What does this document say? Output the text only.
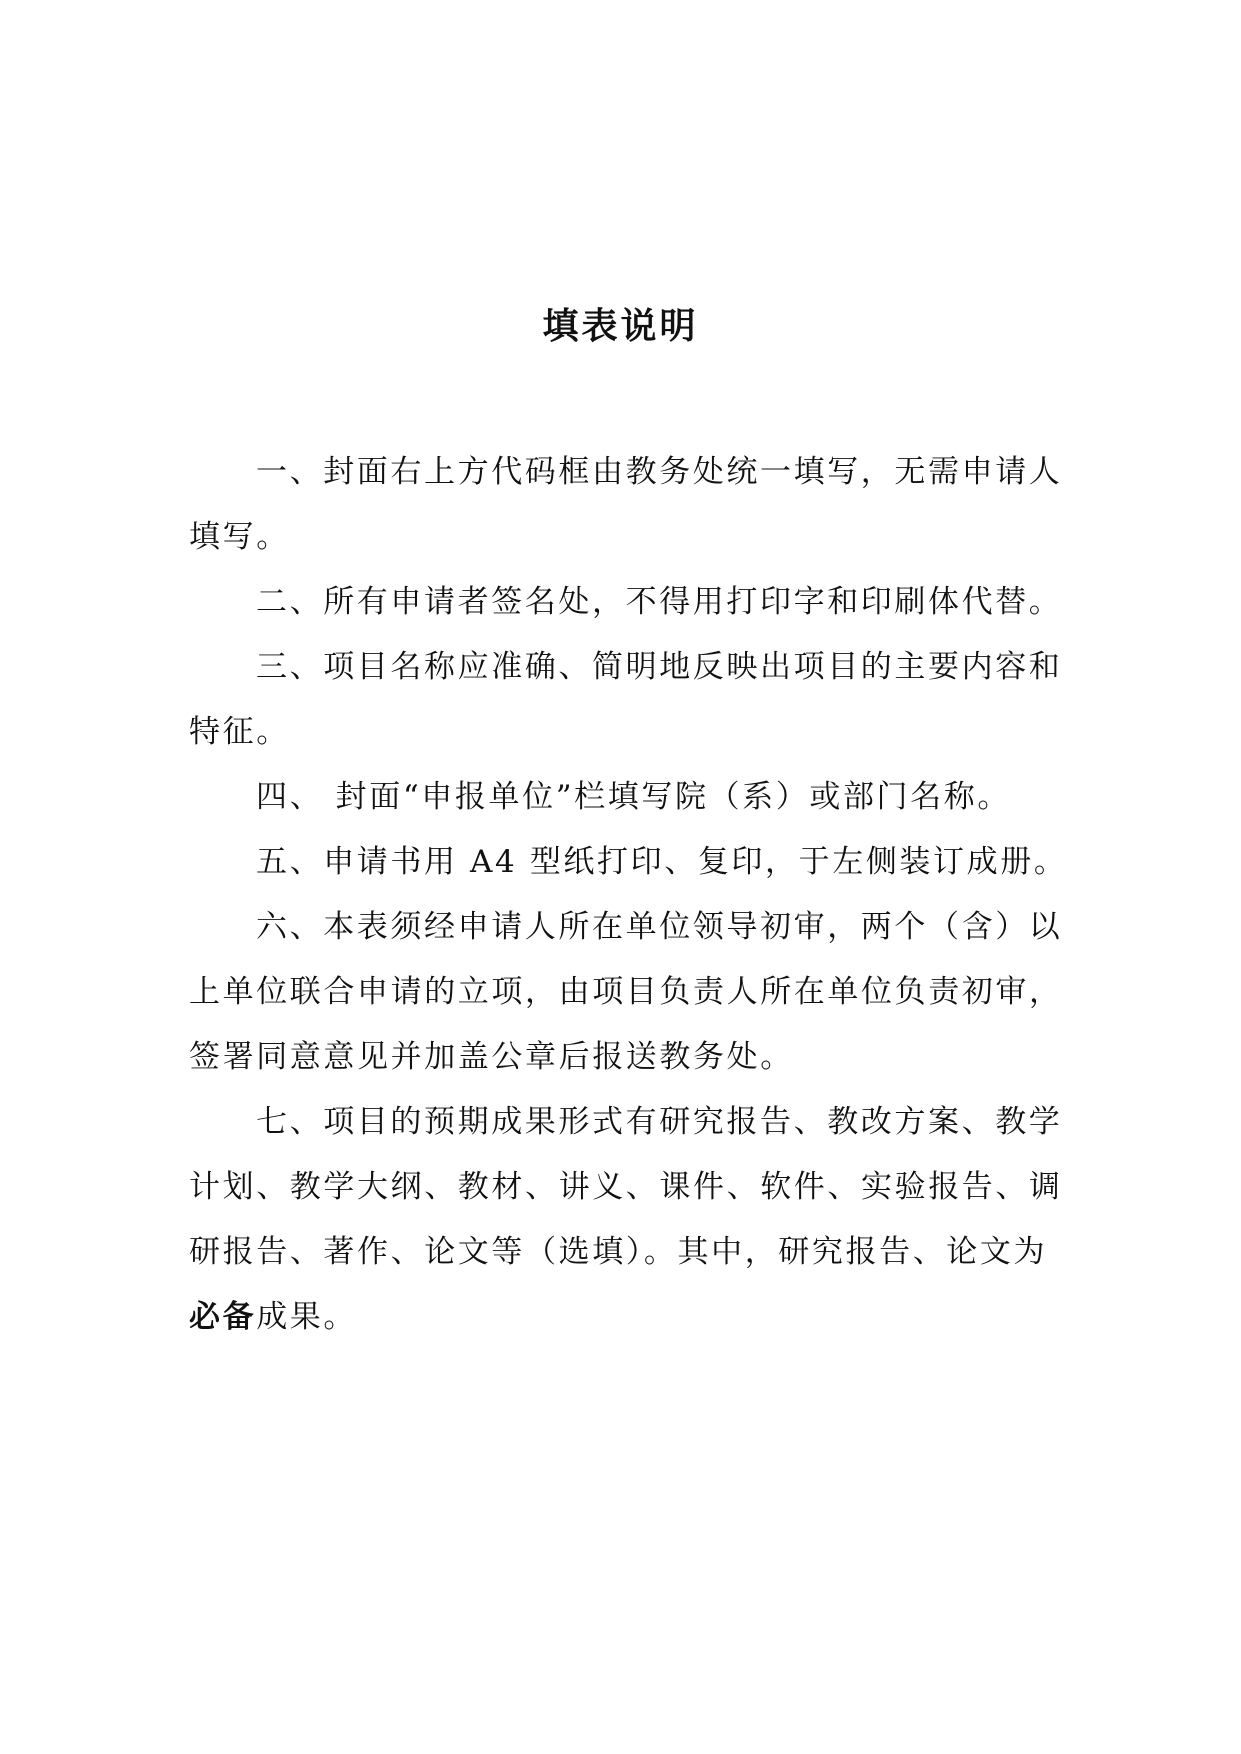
填表说明
一、封面右上方代码框由教务处统一填写，无需申请人
填写。
二、所有申请者签名处，不得用打印字和印刷体代替。
三、项目名称应准确、简明地反映出项目的主要内容和
特征。
四、 封面“申报单位”栏填写院（系）或部门名称。
五、申请书用 A4 型纸打印、复印，于左侧装订成册。
六、本表须经申请人所在单位领导初审，两个（含）以
上单位联合申请的立项，由项目负责人所在单位负责初审，
签署同意意见并加盖公章后报送教务处。
七、项目的预期成果形式有研究报告、教改方案、教学
计划、教学大纲、教材、讲义、课件、软件、实验报告、调
研报告、著作、论文等（选填）。其中，研究报告、论文为
必备成果。
